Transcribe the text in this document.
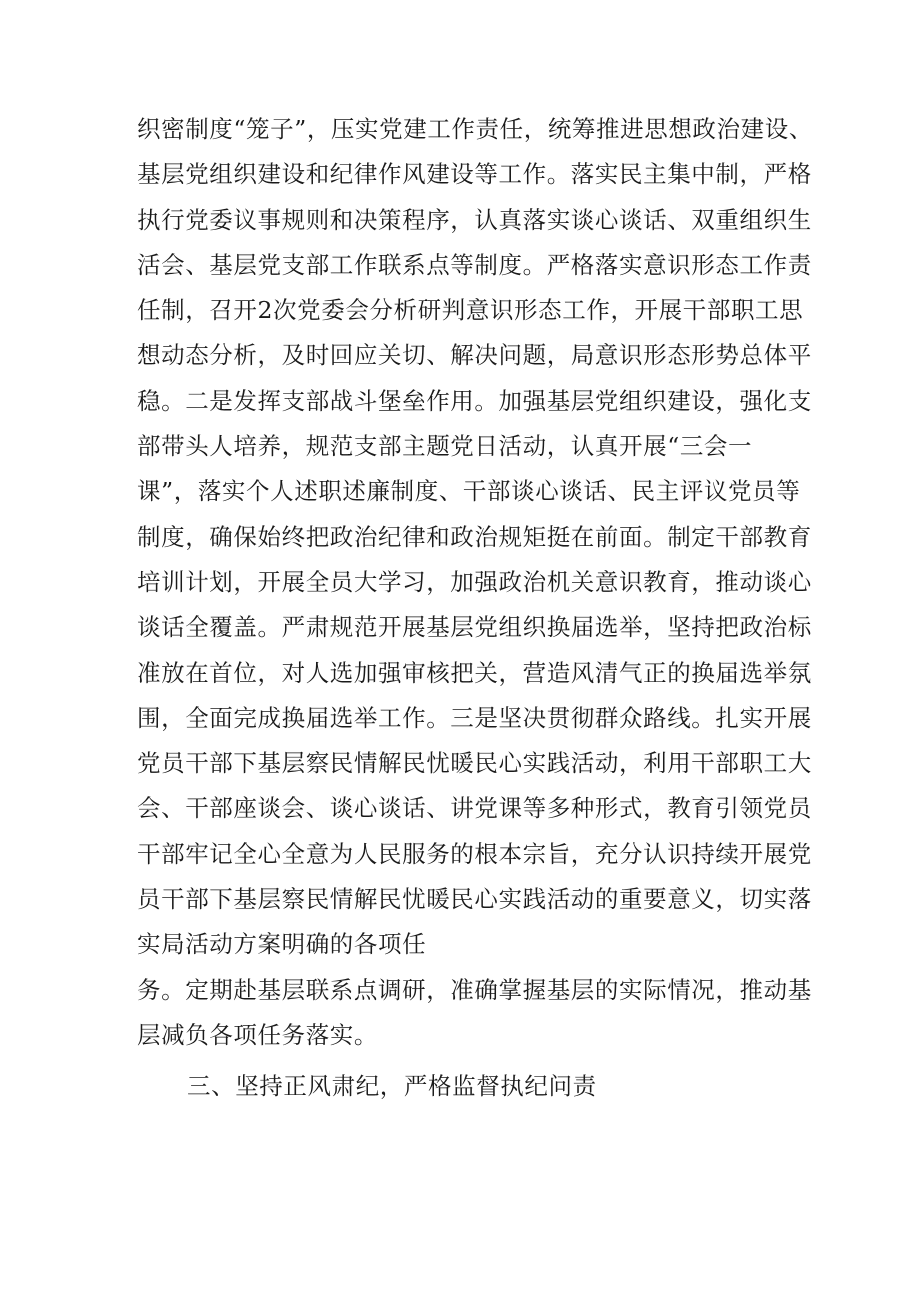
织密制度“笼子”，压实党建工作责任，统筹推进思想政治建设、
基层党组织建设和纪律作风建设等工作。落实民主集中制，严格
执行党委议事规则和决策程序，认真落实谈心谈话、双重组织生
活会、基层党支部工作联系点等制度。严格落实意识形态工作责
任制，召开2次党委会分析研判意识形态工作，开展干部职工思
想动态分析，及时回应关切、解决问题，局意识形态形势总体平
稳。二是发挥支部战斗堡垒作用。加强基层党组织建设，强化支
部带头人培养，规范支部主题党日活动，认真开展“三会一
课”，落实个人述职述廉制度、干部谈心谈话、民主评议党员等
制度，确保始终把政治纪律和政治规矩挺在前面。制定干部教育
培训计划，开展全员大学习，加强政治机关意识教育，推动谈心
谈话全覆盖。严肃规范开展基层党组织换届选举，坚持把政治标
准放在首位，对人选加强审核把关，营造风清气正的换届选举氛
围，全面完成换届选举工作。三是坚决贯彻群众路线。扎实开展
党员干部下基层察民情解民忧暖民心实践活动，利用干部职工大
会、干部座谈会、谈心谈话、讲党课等多种形式，教育引领党员
干部牢记全心全意为人民服务的根本宗旨，充分认识持续开展党
员干部下基层察民情解民忧暖民心实践活动的重要意义，切实落
实局活动方案明确的各项任
务。定期赴基层联系点调研，准确掌握基层的实际情况，推动基
层减负各项任务落实。
三、坚持正风肃纪，严格监督执纪问责
